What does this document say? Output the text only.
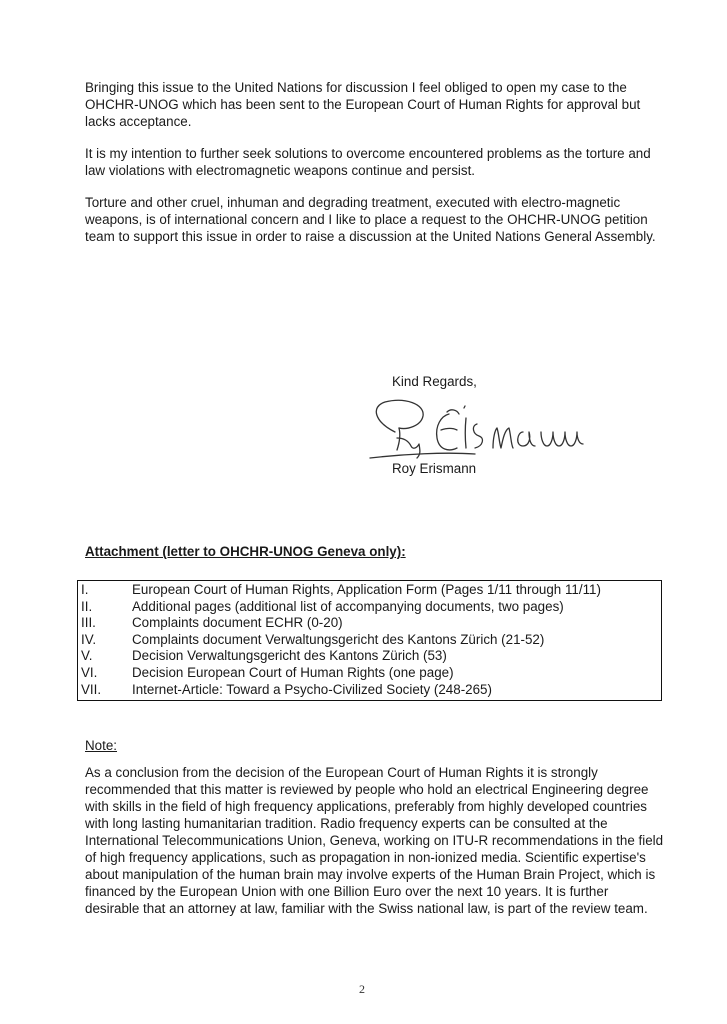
Bringing this issue to the United Nations for discussion I feel obliged to open my case to the OHCHR-UNOG which has been sent to the European Court of Human Rights for approval but lacks acceptance.

It is my intention to further seek solutions to overcome encountered problems as the torture and law violations with electromagnetic weapons continue and persist.

Torture and other cruel, inhuman and degrading treatment, executed with electro-magnetic weapons, is of international concern and I like to place a request to the OHCHR-UNOG petition team to support this issue in order to raise a discussion at the United Nations General Assembly.

Kind Regards,
Roy Erismann
Attachment (letter to OHCHR-UNOG Geneva only):
I.	European Court of Human Rights, Application Form (Pages 1/11 through 11/11)
II.	Additional pages (additional list of accompanying documents, two pages)
III.	Complaints document ECHR (0-20)
IV.	Complaints document Verwaltungsgericht des Kantons Zürich (21-52)
V.	Decision Verwaltungsgericht des Kantons Zürich (53)
VI.	Decision European Court of Human Rights (one page)
VII.	Internet-Article: Toward a Psycho-Civilized Society (248-265)
Note:

As a conclusion from the decision of the European Court of Human Rights it is strongly recommended that this matter is reviewed by people who hold an electrical Engineering degree with skills in the field of high frequency applications, preferably from highly developed countries with long lasting humanitarian tradition. Radio frequency experts can be consulted at the International Telecommunications Union, Geneva, working on ITU-R recommendations in the field of high frequency applications, such as propagation in non-ionized media. Scientific expertise's about manipulation of the human brain may involve experts of the Human Brain Project, which is financed by the European Union with one Billion Euro over the next 10 years. It is further desirable that an attorney at law, familiar with the Swiss national law, is part of the review team.

2
